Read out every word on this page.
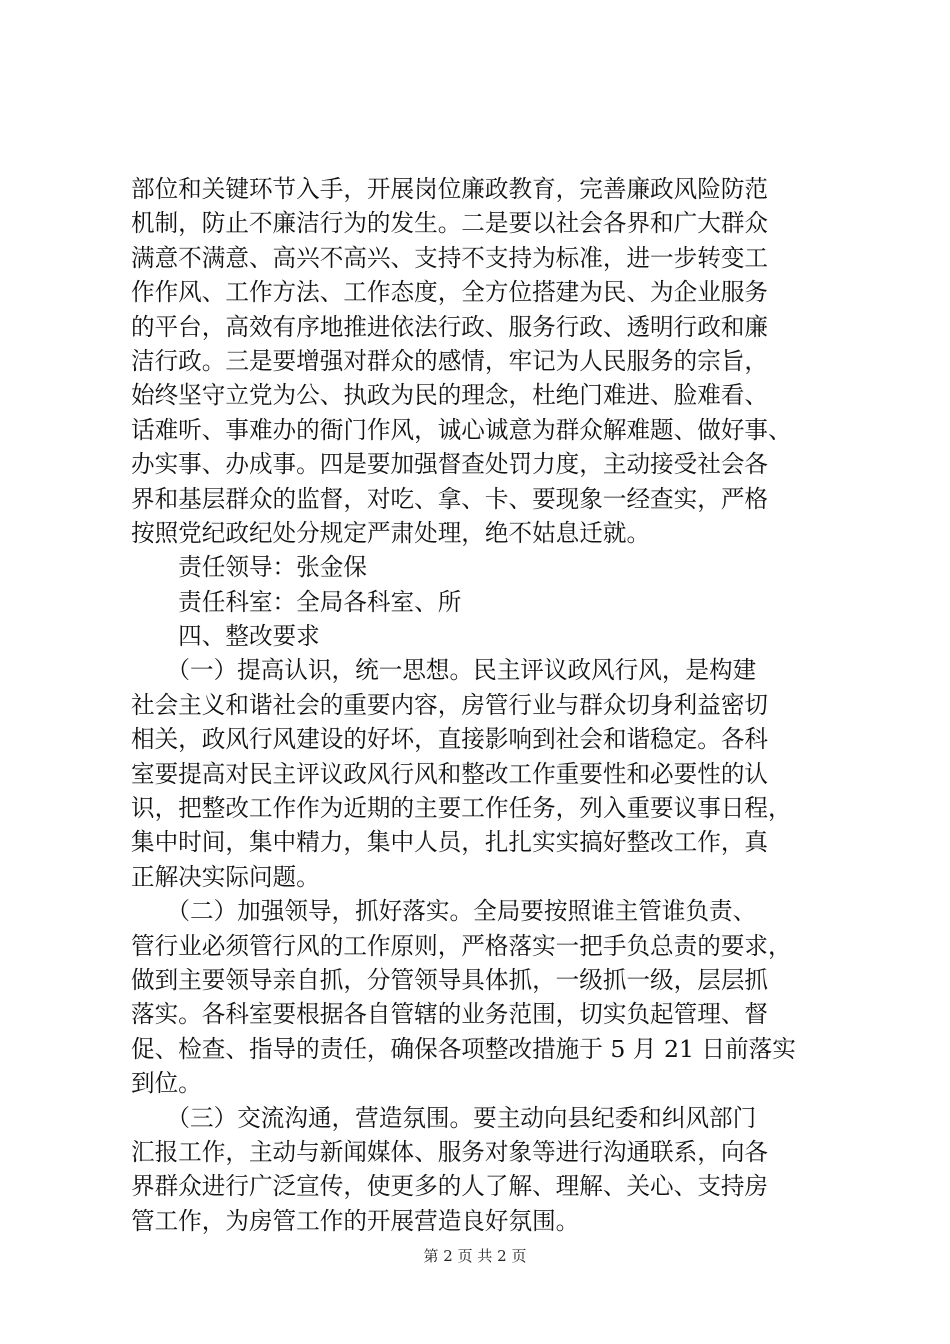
部位和关键环节入手，开展岗位廉政教育，完善廉政风险防范
机制，防止不廉洁行为的发生。二是要以社会各界和广大群众
满意不满意、高兴不高兴、支持不支持为标准，进一步转变工
作作风、工作方法、工作态度，全方位搭建为民、为企业服务
的平台，高效有序地推进依法行政、服务行政、透明行政和廉
洁行政。三是要增强对群众的感情，牢记为人民服务的宗旨，
始终坚守立党为公、执政为民的理念，杜绝门难进、脸难看、
话难听、事难办的衙门作风，诚心诚意为群众解难题、做好事、
办实事、办成事。四是要加强督查处罚力度，主动接受社会各
界和基层群众的监督，对吃、拿、卡、要现象一经查实，严格
按照党纪政纪处分规定严肃处理，绝不姑息迁就。
　　责任领导：张金保
　　责任科室：全局各科室、所
　　四、整改要求
　　（一）提高认识，统一思想。民主评议政风行风，是构建
社会主义和谐社会的重要内容，房管行业与群众切身利益密切
相关，政风行风建设的好坏，直接影响到社会和谐稳定。各科
室要提高对民主评议政风行风和整改工作重要性和必要性的认
识，把整改工作作为近期的主要工作任务，列入重要议事日程，
集中时间，集中精力，集中人员，扎扎实实搞好整改工作，真
正解决实际问题。
　　（二）加强领导，抓好落实。全局要按照谁主管谁负责、
管行业必须管行风的工作原则，严格落实一把手负总责的要求，
做到主要领导亲自抓，分管领导具体抓，一级抓一级，层层抓
落实。各科室要根据各自管辖的业务范围，切实负起管理、督
促、检查、指导的责任，确保各项整改措施于 5 月 21 日前落实
到位。
　　（三）交流沟通，营造氛围。要主动向县纪委和纠风部门
汇报工作，主动与新闻媒体、服务对象等进行沟通联系，向各
界群众进行广泛宣传，使更多的人了解、理解、关心、支持房
管工作，为房管工作的开展营造良好氛围。
第 2 页 共 2 页
